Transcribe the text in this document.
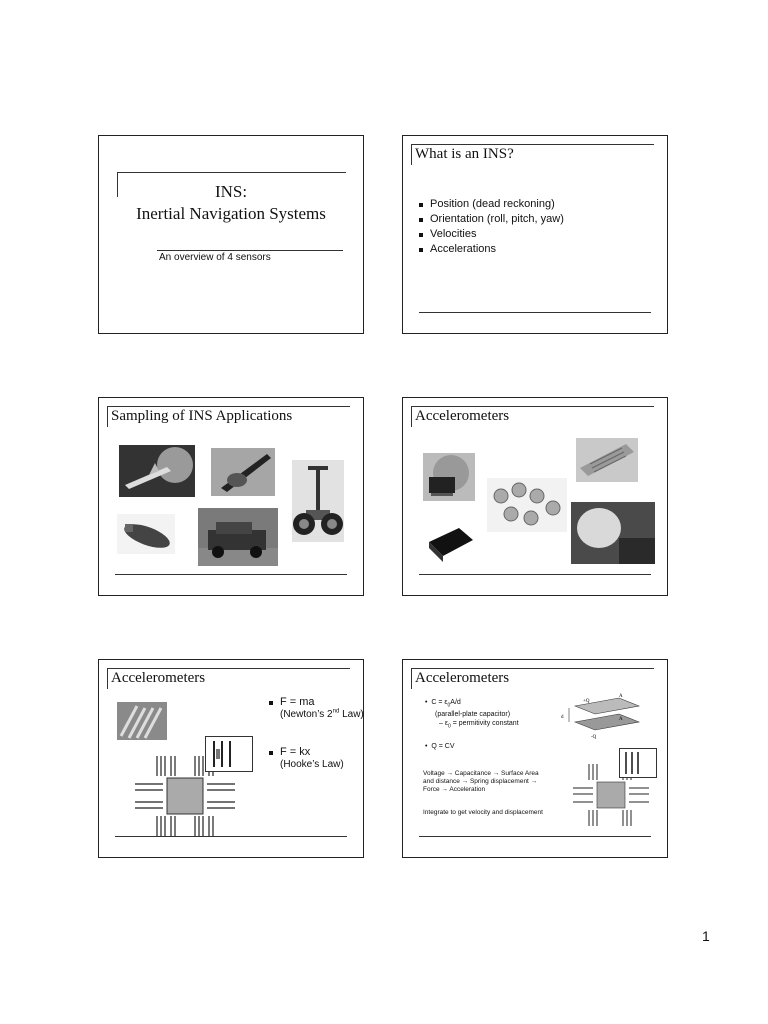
INS:
Inertial Navigation Systems
An overview of 4 sensors
What is an INS?
Position (dead reckoning)
Orientation (roll, pitch, yaw)
Velocities
Accelerations
Sampling of INS Applications	Accelerometers
Accelerometers
F = ma
(Newton’s 2nd Law)
F = kx
(Hooke’s Law)
Accelerometers
•  $C = \varepsilon_0A/d$
(parallel-plate capacitor)
– $\varepsilon_0$ = permitivity constant
•  Q = CV
A
A
+Q
-Q
d
Voltage → Capacitance → Surface Area and distance → Spring displacement → Force → Acceleration
Integrate to get velocity and displacement
1
